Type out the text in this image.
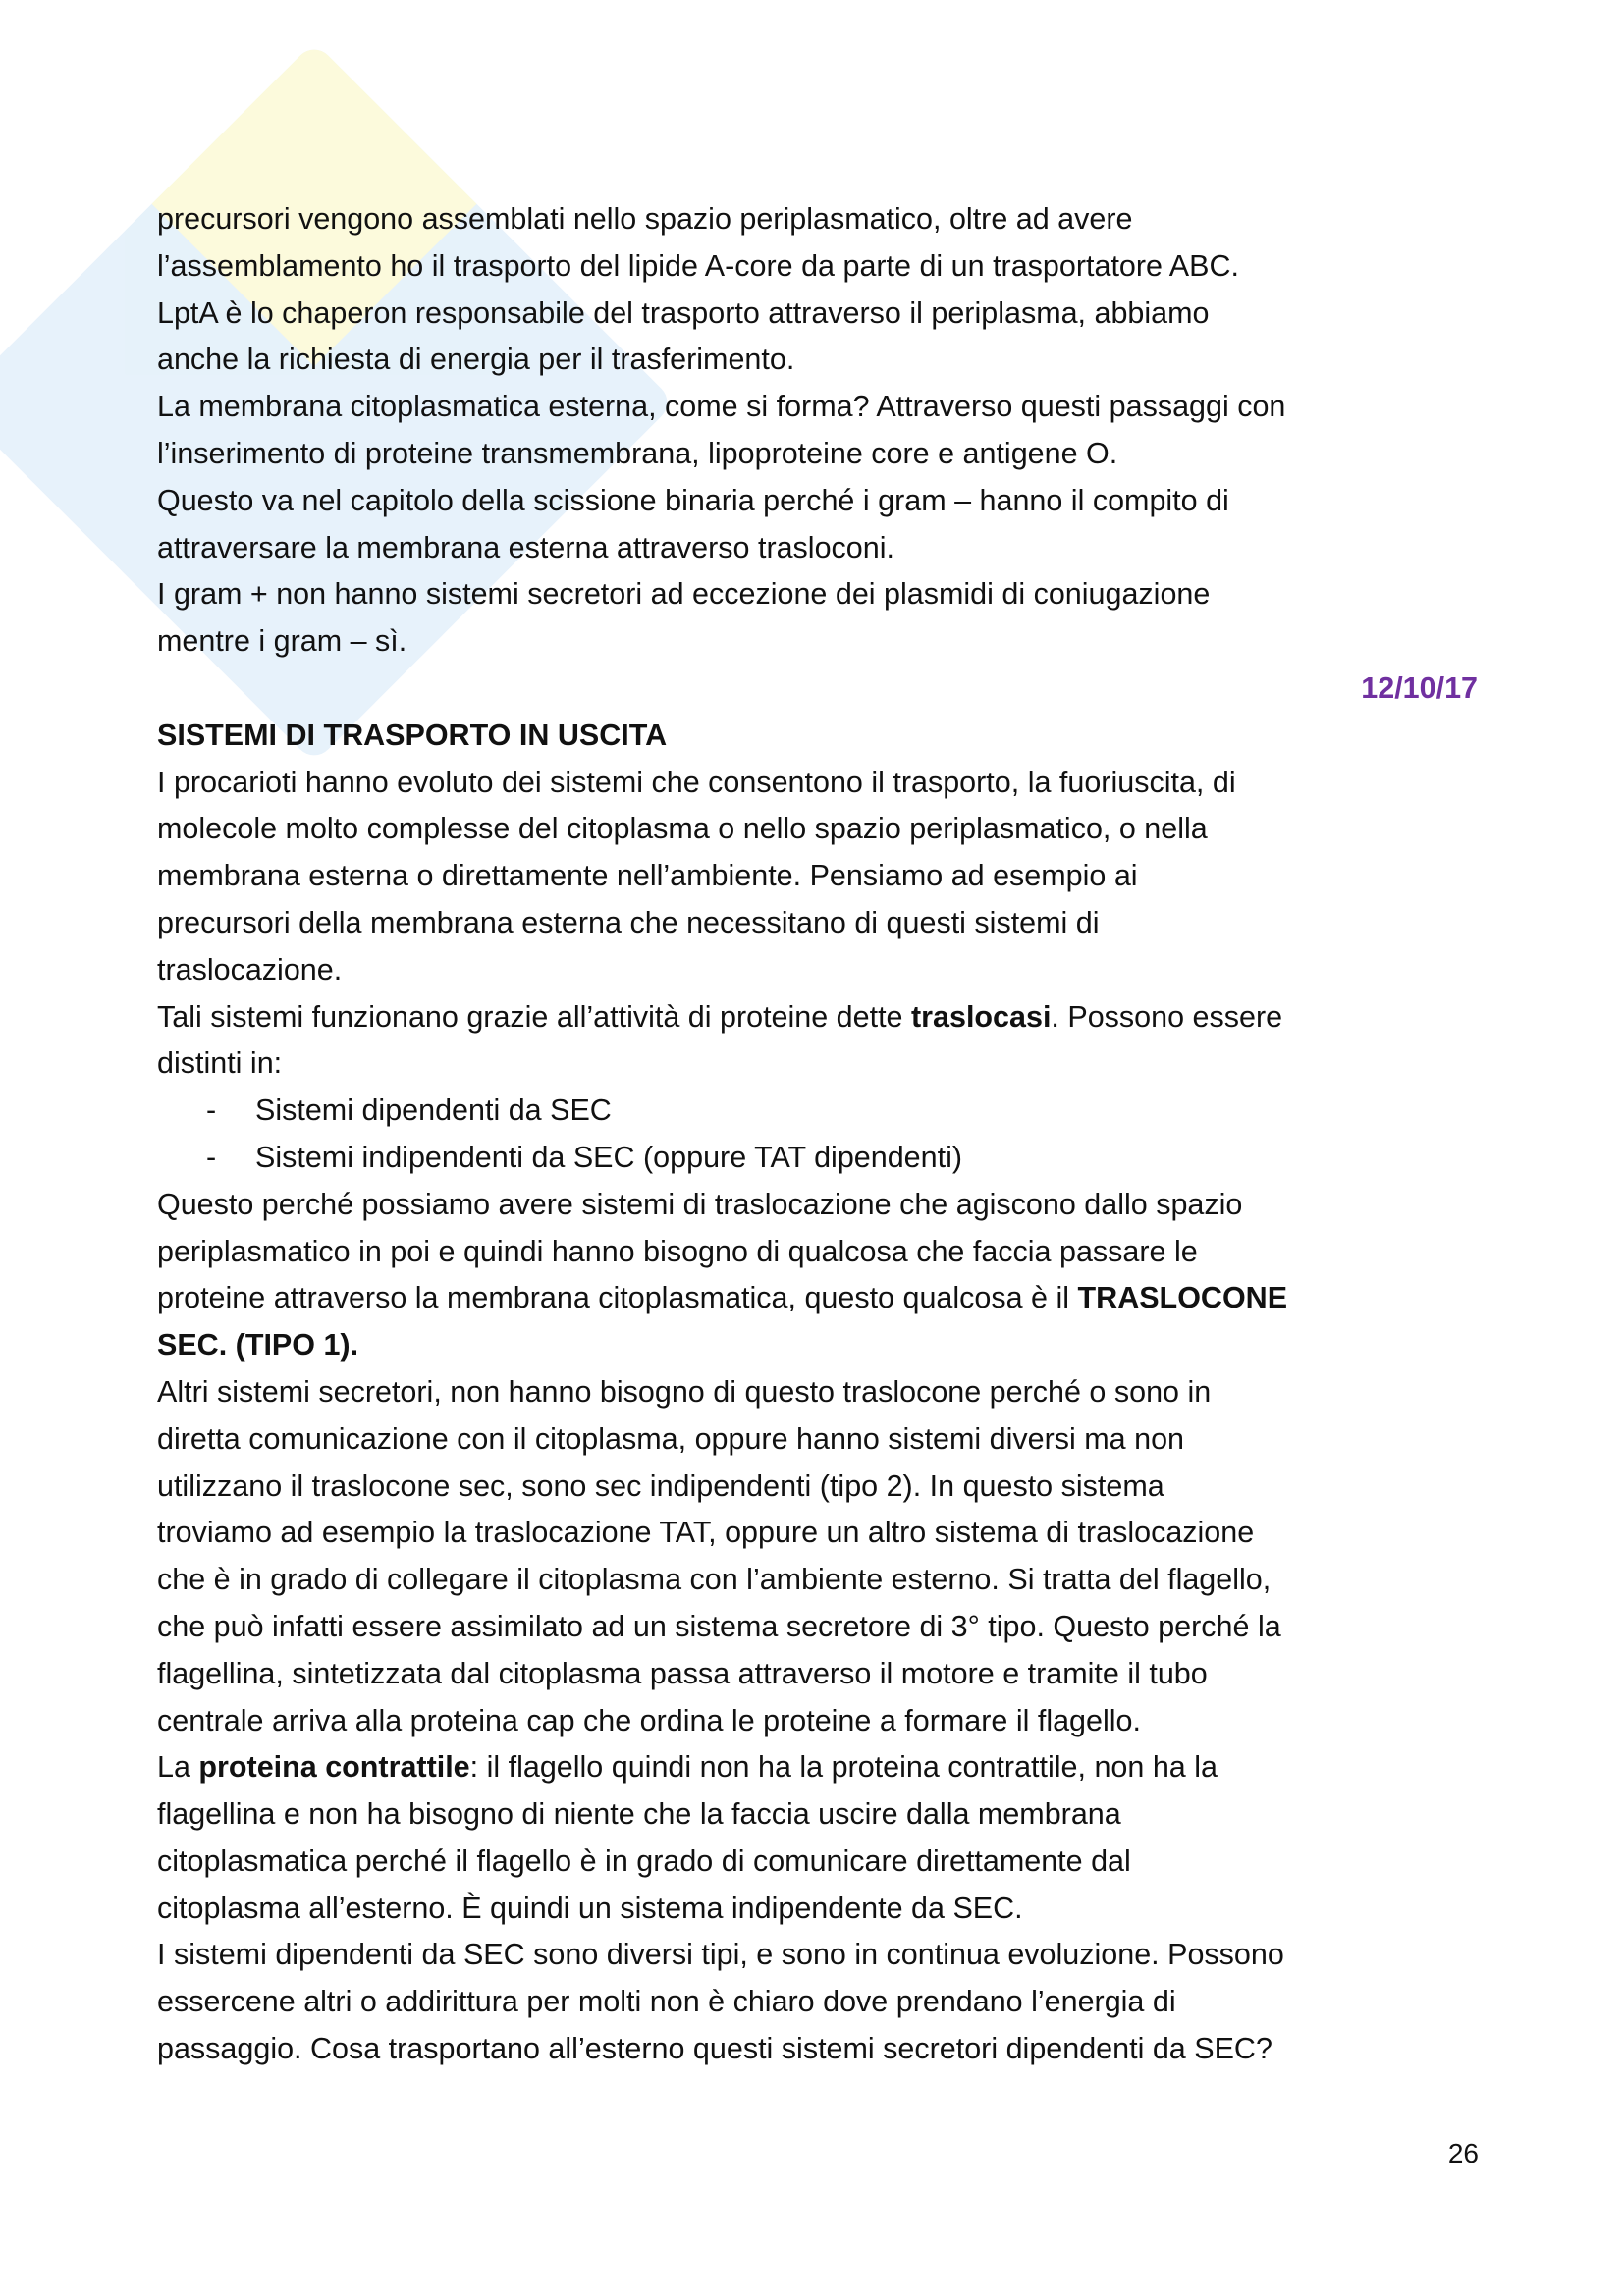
precursori vengono assemblati nello spazio periplasmatico, oltre ad avere
l’assemblamento ho il trasporto del lipide A-core da parte di un trasportatore ABC.
LptA è lo chaperon responsabile del trasporto attraverso il periplasma, abbiamo
anche la richiesta di energia per il trasferimento.
La membrana citoplasmatica esterna, come si forma? Attraverso questi passaggi con
l’inserimento di proteine transmembrana, lipoproteine core e antigene O.
Questo va nel capitolo della scissione binaria perché i gram – hanno il compito di
attraversare la membrana esterna attraverso trasloconi.
I gram + non hanno sistemi secretori ad eccezione dei plasmidi di coniugazione
mentre i gram – sì.
12/10/17
SISTEMI DI TRASPORTO IN USCITA
I procarioti hanno evoluto dei sistemi che consentono il trasporto, la fuoriuscita, di
molecole molto complesse del citoplasma o nello spazio periplasmatico, o nella
membrana esterna o direttamente nell’ambiente. Pensiamo ad esempio ai
precursori della membrana esterna che necessitano di questi sistemi di
traslocazione.
Tali sistemi funzionano grazie all’attività di proteine dette traslocasi. Possono essere
distinti in:
- Sistemi dipendenti da SEC
- Sistemi indipendenti da SEC (oppure TAT dipendenti)
Questo perché possiamo avere sistemi di traslocazione che agiscono dallo spazio
periplasmatico in poi e quindi hanno bisogno di qualcosa che faccia passare le
proteine attraverso la membrana citoplasmatica, questo qualcosa è il TRASLOCONE
SEC. (TIPO 1).
Altri sistemi secretori, non hanno bisogno di questo traslocone perché o sono in
diretta comunicazione con il citoplasma, oppure hanno sistemi diversi ma non
utilizzano il traslocone sec, sono sec indipendenti (tipo 2). In questo sistema
troviamo ad esempio la traslocazione TAT, oppure un altro sistema di traslocazione
che è in grado di collegare il citoplasma con l’ambiente esterno. Si tratta del flagello,
che può infatti essere assimilato ad un sistema secretore di 3° tipo. Questo perché la
flagellina, sintetizzata dal citoplasma passa attraverso il motore e tramite il tubo
centrale arriva alla proteina cap che ordina le proteine a formare il flagello.
La proteina contrattile: il flagello quindi non ha la proteina contrattile, non ha la
flagellina e non ha bisogno di niente che la faccia uscire dalla membrana
citoplasmatica perché il flagello è in grado di comunicare direttamente dal
citoplasma all’esterno. È quindi un sistema indipendente da SEC.
I sistemi dipendenti da SEC sono diversi tipi, e sono in continua evoluzione. Possono
essercene altri o addirittura per molti non è chiaro dove prendano l’energia di
passaggio. Cosa trasportano all’esterno questi sistemi secretori dipendenti da SEC?
26
